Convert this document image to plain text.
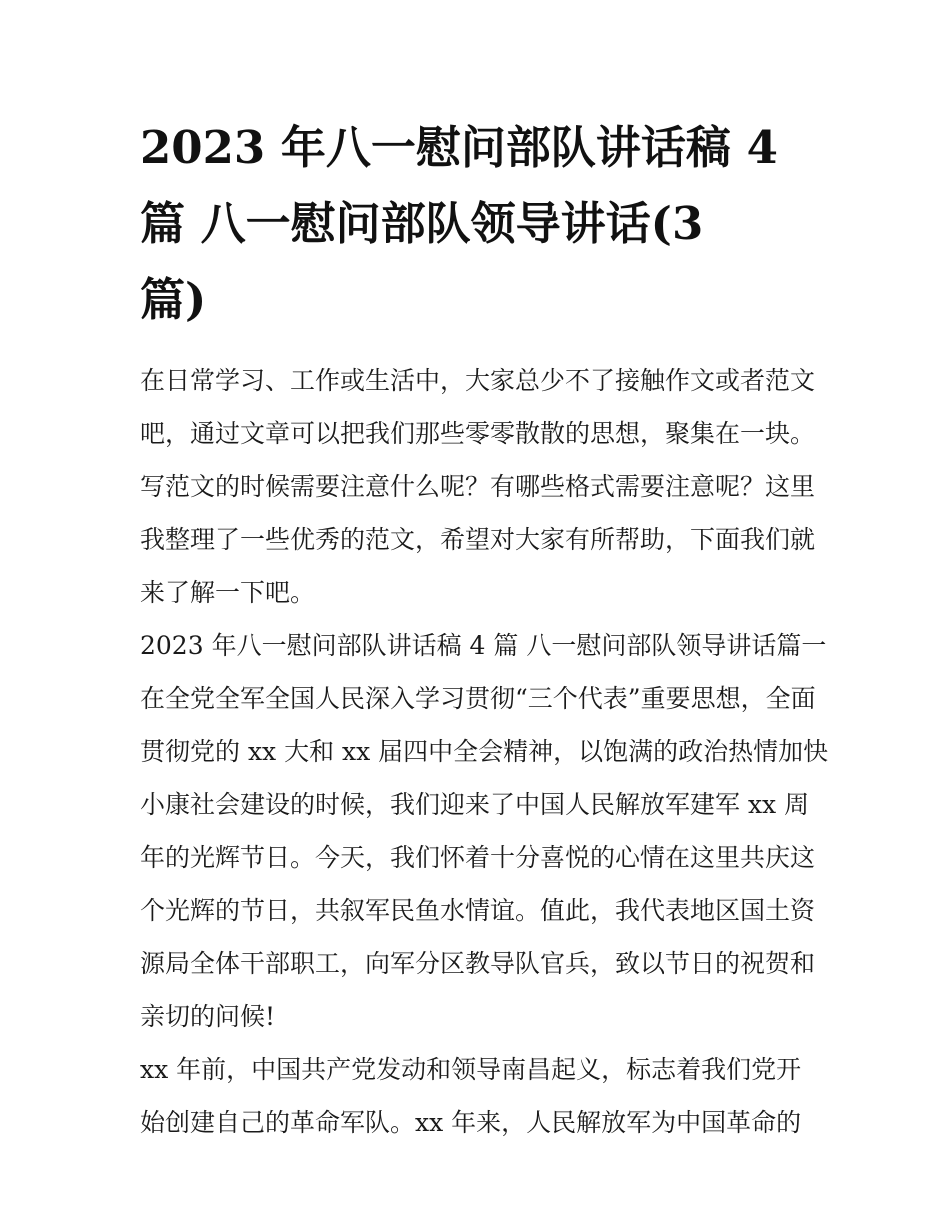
2023 年八一慰问部队讲话稿 4
篇 八一慰问部队领导讲话(3
篇)

在日常学习、工作或生活中，大家总少不了接触作文或者范文
吧，通过文章可以把我们那些零零散散的思想，聚集在一块。
写范文的时候需要注意什么呢？有哪些格式需要注意呢？这里
我整理了一些优秀的范文，希望对大家有所帮助，下面我们就
来了解一下吧。

2023 年八一慰问部队讲话稿 4 篇 八一慰问部队领导讲话篇一

在全党全军全国人民深入学习贯彻“三个代表”重要思想，全面
贯彻党的 xx 大和 xx 届四中全会精神，以饱满的政治热情加快
小康社会建设的时候，我们迎来了中国人民解放军建军 xx 周
年的光辉节日。今天，我们怀着十分喜悦的心情在这里共庆这
个光辉的节日，共叙军民鱼水情谊。值此，我代表地区国土资
源局全体干部职工，向军分区教导队官兵，致以节日的祝贺和
亲切的问候!

xx 年前，中国共产党发动和领导南昌起义，标志着我们党开
始创建自己的革命军队。xx 年来，人民解放军为中国革命的
